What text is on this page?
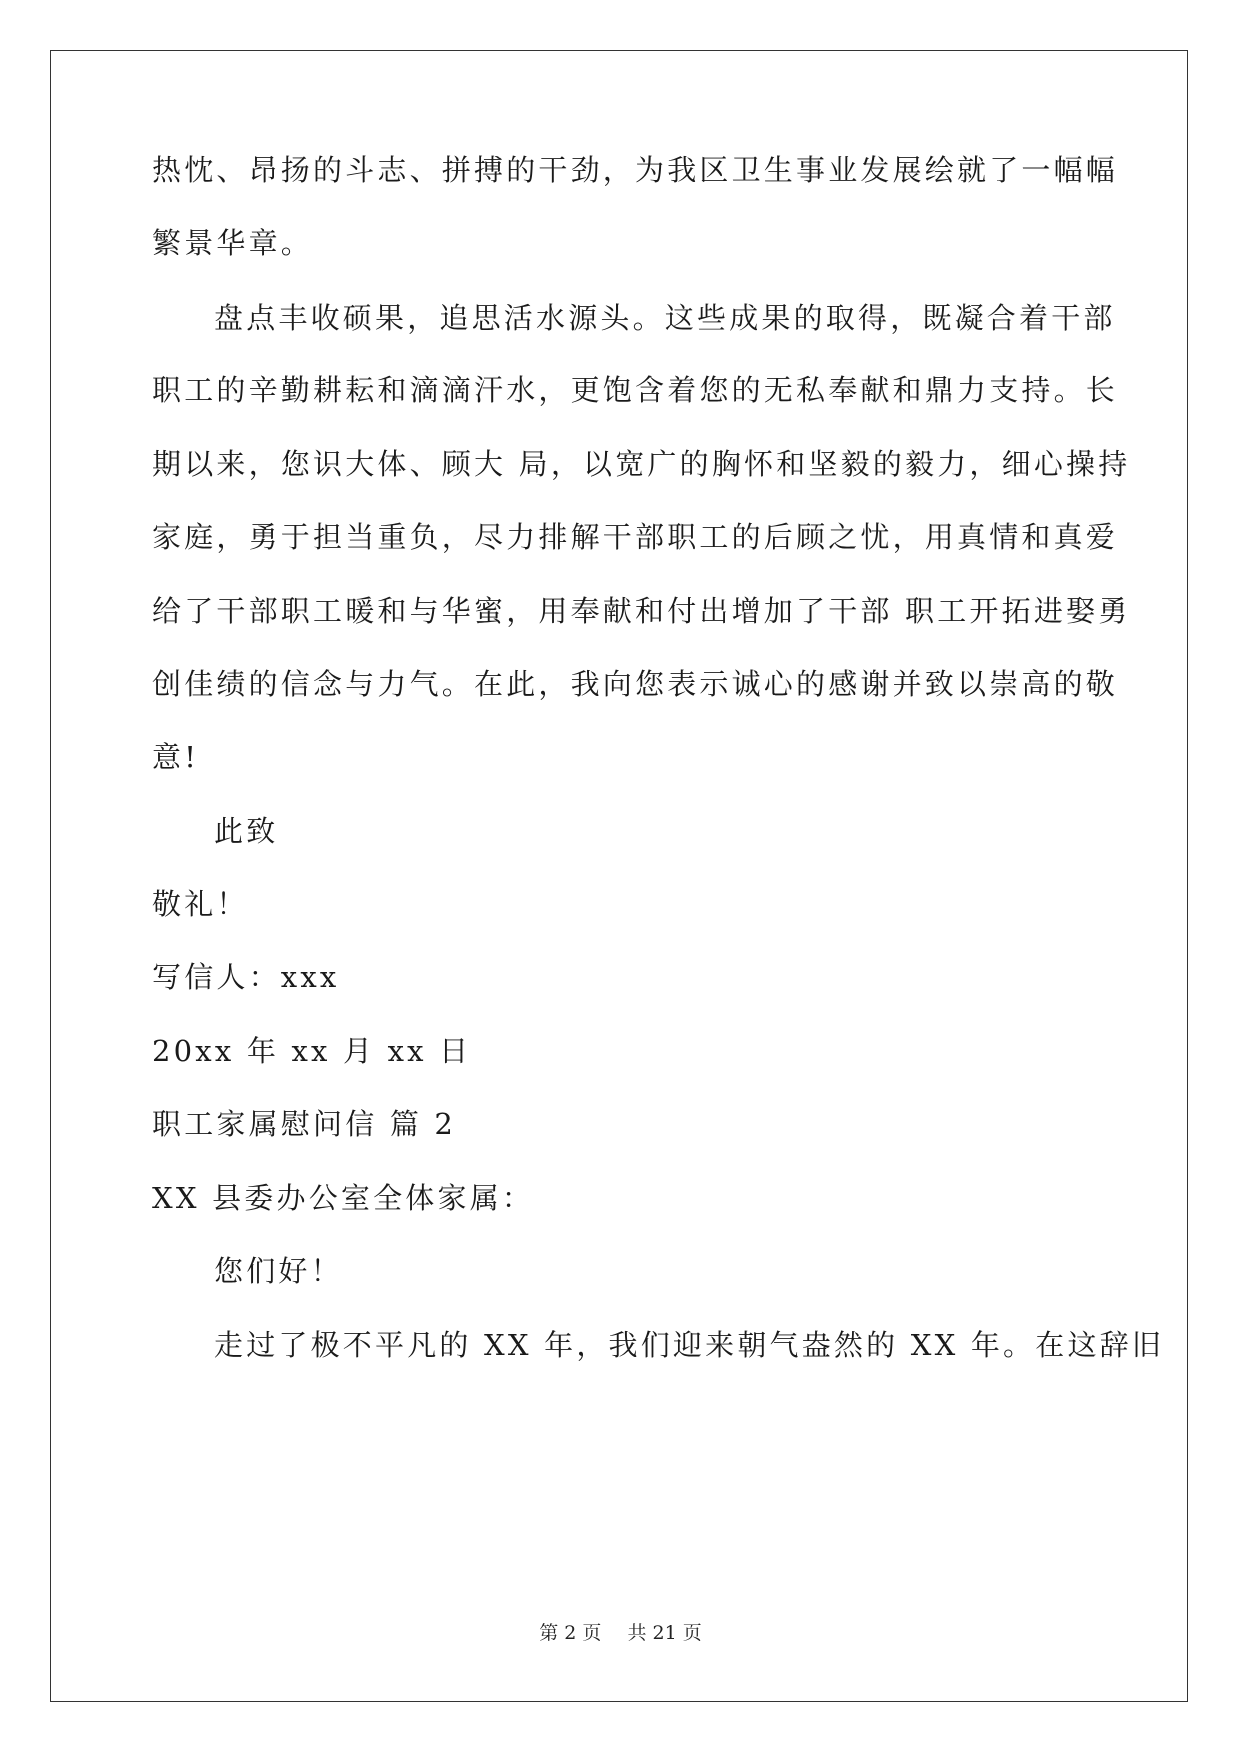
热忱、昂扬的斗志、拼搏的干劲，为我区卫生事业发展绘就了一幅幅
繁景华章。
盘点丰收硕果，追思活水源头。这些成果的取得，既凝合着干部
职工的辛勤耕耘和滴滴汗水，更饱含着您的无私奉献和鼎力支持。长
期以来，您识大体、顾大 局，以宽广的胸怀和坚毅的毅力，细心操持
家庭，勇于担当重负，尽力排解干部职工的后顾之忧，用真情和真爱
给了干部职工暖和与华蜜，用奉献和付出增加了干部 职工开拓进娶勇
创佳绩的信念与力气。在此，我向您表示诚心的感谢并致以崇高的敬
意!
此致
敬礼！
写信人：xxx
20xx 年 xx 月 xx 日
职工家属慰问信 篇 2
XX 县委办公室全体家属：
您们好！
走过了极不平凡的 XX 年，我们迎来朝气盎然的 XX 年。在这辞旧
第 2 页 共 21 页
